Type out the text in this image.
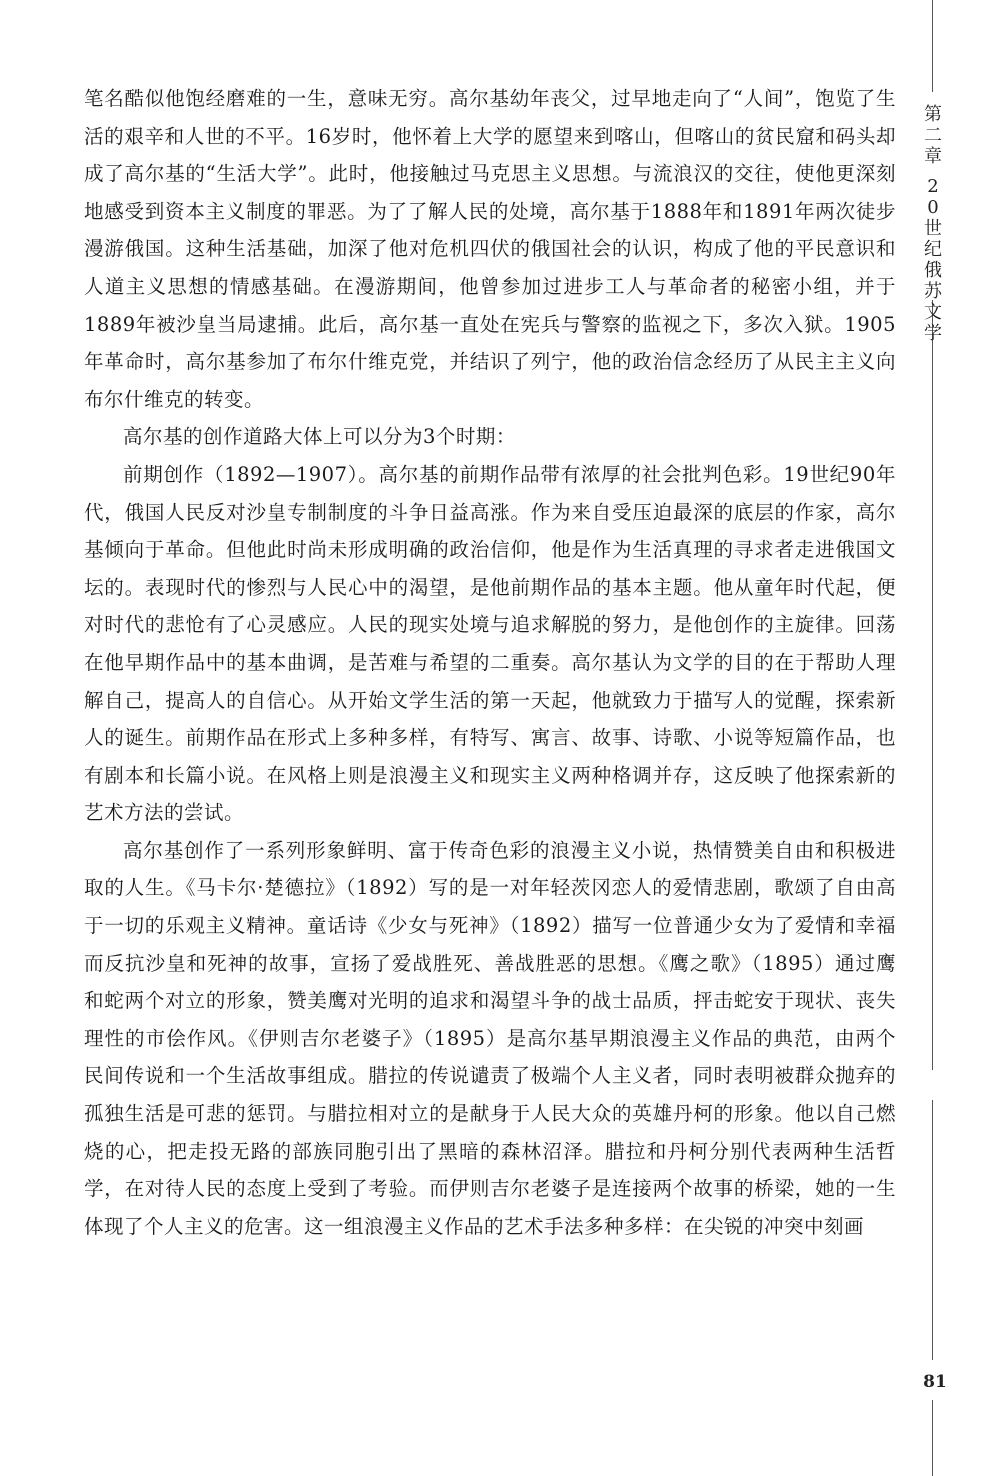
笔名酷似他饱经磨难的一生，意味无穷。高尔基幼年丧父，过早地走向了“人间”，饱览了生活的艰辛和人世的不平。16岁时，他怀着上大学的愿望来到喀山，但喀山的贫民窟和码头却成了高尔基的“生活大学”。此时，他接触过马克思主义思想。与流浪汉的交往，使他更深刻地感受到资本主义制度的罪恶。为了了解人民的处境，高尔基于1888年和1891年两次徒步漫游俄国。这种生活基础，加深了他对危机四伏的俄国社会的认识，构成了他的平民意识和人道主义思想的情感基础。在漫游期间，他曾参加过进步工人与革命者的秘密小组，并于1889年被沙皇当局逮捕。此后，高尔基一直处在宪兵与警察的监视之下，多次入狱。1905年革命时，高尔基参加了布尔什维克党，并结识了列宁，他的政治信念经历了从民主主义向布尔什维克的转变。

高尔基的创作道路大体上可以分为3个时期：

前期创作（1892—1907）。高尔基的前期作品带有浓厚的社会批判色彩。19世纪90年代，俄国人民反对沙皇专制制度的斗争日益高涨。作为来自受压迫最深的底层的作家，高尔基倾向于革命。但他此时尚未形成明确的政治信仰，他是作为生活真理的寻求者走进俄国文坛的。表现时代的惨烈与人民心中的渴望，是他前期作品的基本主题。他从童年时代起，便对时代的悲怆有了心灵感应。人民的现实处境与追求解脱的努力，是他创作的主旋律。回荡在他早期作品中的基本曲调，是苦难与希望的二重奏。高尔基认为文学的目的在于帮助人理解自己，提高人的自信心。从开始文学生活的第一天起，他就致力于描写人的觉醒，探索新人的诞生。前期作品在形式上多种多样，有特写、寓言、故事、诗歌、小说等短篇作品，也有剧本和长篇小说。在风格上则是浪漫主义和现实主义两种格调并存，这反映了他探索新的艺术方法的尝试。

高尔基创作了一系列形象鲜明、富于传奇色彩的浪漫主义小说，热情赞美自由和积极进取的人生。《马卡尔·楚德拉》（1892）写的是一对年轻茨冈恋人的爱情悲剧，歌颂了自由高于一切的乐观主义精神。童话诗《少女与死神》（1892）描写一位普通少女为了爱情和幸福而反抗沙皇和死神的故事，宣扬了爱战胜死、善战胜恶的思想。《鹰之歌》（1895）通过鹰和蛇两个对立的形象，赞美鹰对光明的追求和渴望斗争的战士品质，抨击蛇安于现状、丧失理性的市侩作风。《伊则吉尔老婆子》（1895）是高尔基早期浪漫主义作品的典范，由两个民间传说和一个生活故事组成。腊拉的传说谴责了极端个人主义者，同时表明被群众抛弃的孤独生活是可悲的惩罚。与腊拉相对立的是献身于人民大众的英雄丹柯的形象。他以自己燃烧的心，把走投无路的部族同胞引出了黑暗的森林沼泽。腊拉和丹柯分别代表两种生活哲学，在对待人民的态度上受到了考验。而伊则吉尔老婆子是连接两个故事的桥梁，她的一生体现了个人主义的危害。这一组浪漫主义作品的艺术手法多种多样：在尖锐的冲突中刻画

第二章
20世纪俄苏文学
81
